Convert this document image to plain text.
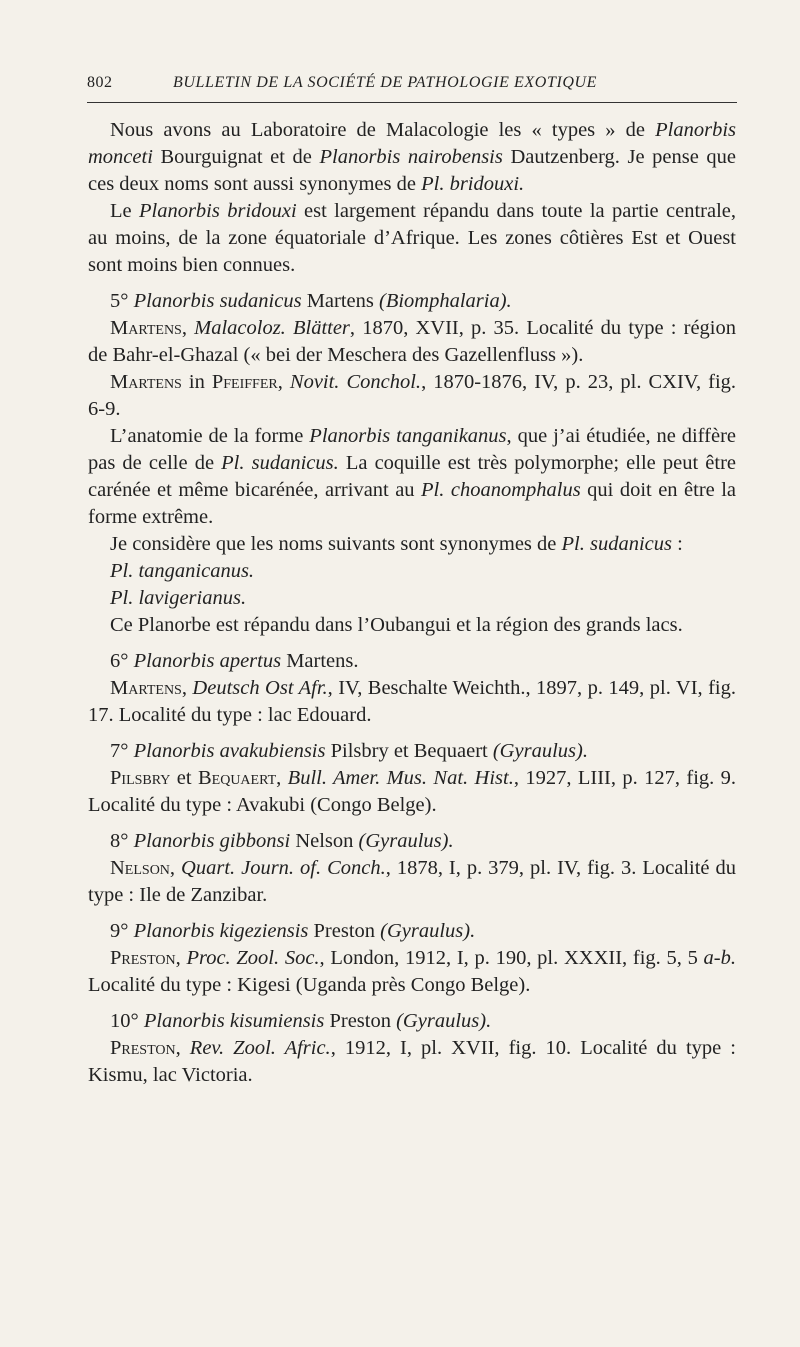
802	BULLETIN DE LA SOCIÉTÉ DE PATHOLOGIE EXOTIQUE

Nous avons au Laboratoire de Malacologie les « types » de Planorbis monceti Bourguignat et de Planorbis nairobensis Dautzenberg. Je pense que ces deux noms sont aussi synonymes de Pl. bridouxi.

Le Planorbis bridouxi est largement répandu dans toute la partie centrale, au moins, de la zone équatoriale d’Afrique. Les zones côtières Est et Ouest sont moins bien connues.

5° Planorbis sudanicus Martens (Biomphalaria).

Martens, Malacoloz. Blätter, 1870, XVII, p. 35. Localité du type : région de Bahr-el-Ghazal (« bei der Meschera des Gazellenfluss »).

Martens in Pfeiffer, Novit. Conchol., 1870-1876, IV, p. 23, pl. CXIV, fig. 6-9.

L’anatomie de la forme Planorbis tanganikanus, que j’ai étudiée, ne diffère pas de celle de Pl. sudanicus. La coquille est très polymorphe; elle peut être carénée et même bicarénée, arrivant au Pl. choanomphalus qui doit en être la forme extrême.

Je considère que les noms suivants sont synonymes de Pl. sudanicus :

Pl. tanganicanus.

Pl. lavigerianus.

Ce Planorbe est répandu dans l’Oubangui et la région des grands lacs.

6° Planorbis apertus Martens.

Martens, Deutsch Ost Afr., IV, Beschalte Weichth., 1897, p. 149, pl. VI, fig. 17. Localité du type : lac Edouard.

7° Planorbis avakubiensis Pilsbry et Bequaert (Gyraulus).

Pilsbry et Bequaert, Bull. Amer. Mus. Nat. Hist., 1927, LIII, p. 127, fig. 9. Localité du type : Avakubi (Congo Belge).

8° Planorbis gibbonsi Nelson (Gyraulus).

Nelson, Quart. Journ. of. Conch., 1878, I, p. 379, pl. IV, fig. 3. Localité du type : Ile de Zanzibar.

9° Planorbis kigeziensis Preston (Gyraulus).

Preston, Proc. Zool. Soc., London, 1912, I, p. 190, pl. XXXII, fig. 5, 5 a-b. Localité du type : Kigesi (Uganda près Congo Belge).

10° Planorbis kisumiensis Preston (Gyraulus).

Preston, Rev. Zool. Afric., 1912, I, pl. XVII, fig. 10. Localité du type : Kismu, lac Victoria.
